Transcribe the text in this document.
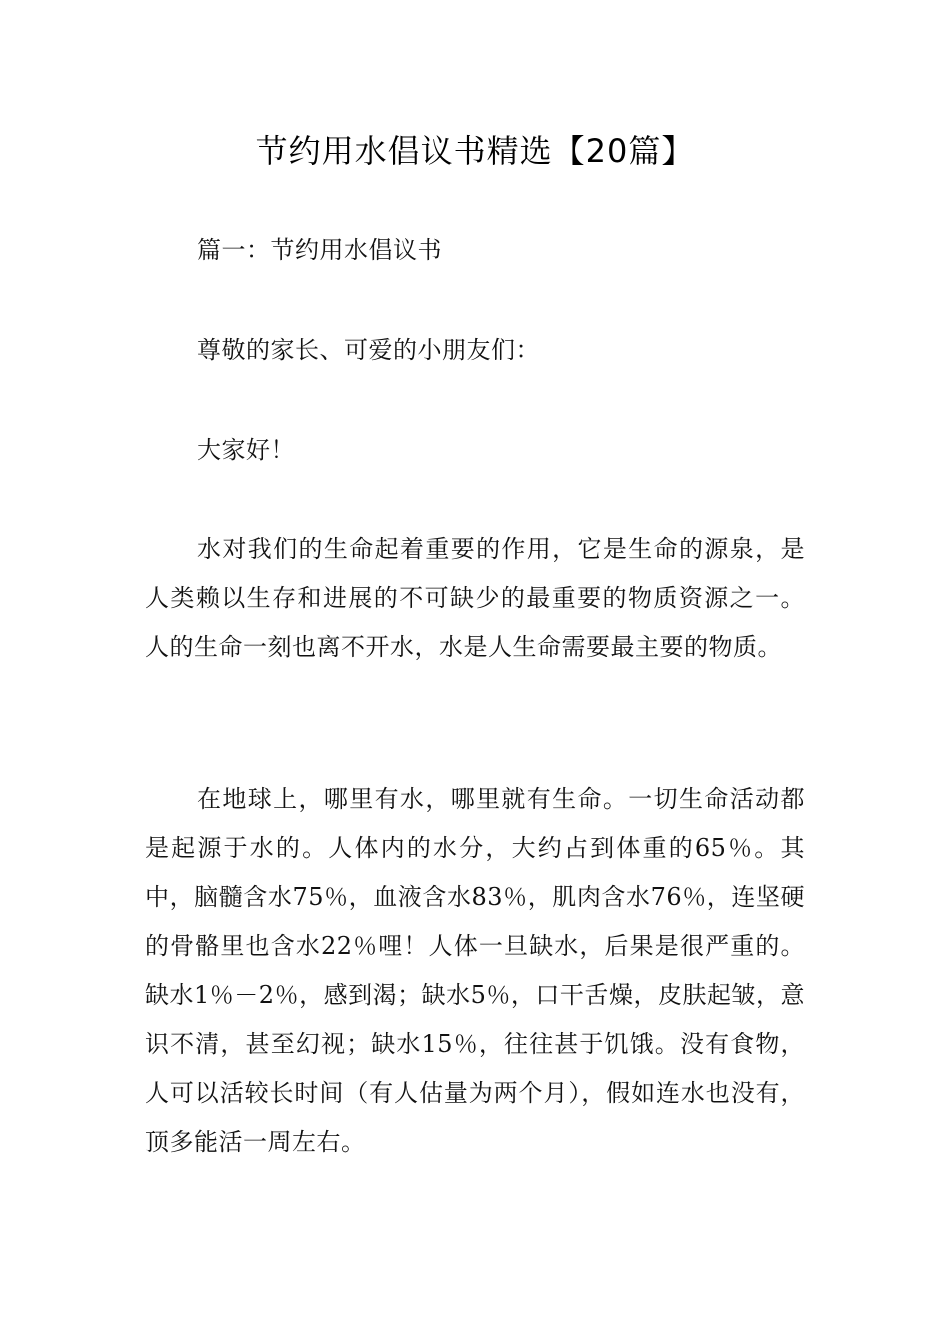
节约用水倡议书精选【20篇】

篇一：节约用水倡议书

尊敬的家长、可爱的小朋友们：

大家好！

水对我们的生命起着重要的作用，它是生命的源泉，是人类赖以生存和进展的不可缺少的最重要的物质资源之一。人的生命一刻也离不开水，水是人生命需要最主要的物质。

在地球上，哪里有水，哪里就有生命。一切生命活动都是起源于水的。人体内的水分，大约占到体重的65％。其中，脑髓含水75％，血液含水83％，肌肉含水76％，连坚硬的骨骼里也含水22％哩！人体一旦缺水，后果是很严重的。缺水1％－2％，感到渴；缺水5％，口干舌燥，皮肤起皱，意识不清，甚至幻视；缺水15％，往往甚于饥饿。没有食物，人可以活较长时间（有人估量为两个月），假如连水也没有，顶多能活一周左右。
